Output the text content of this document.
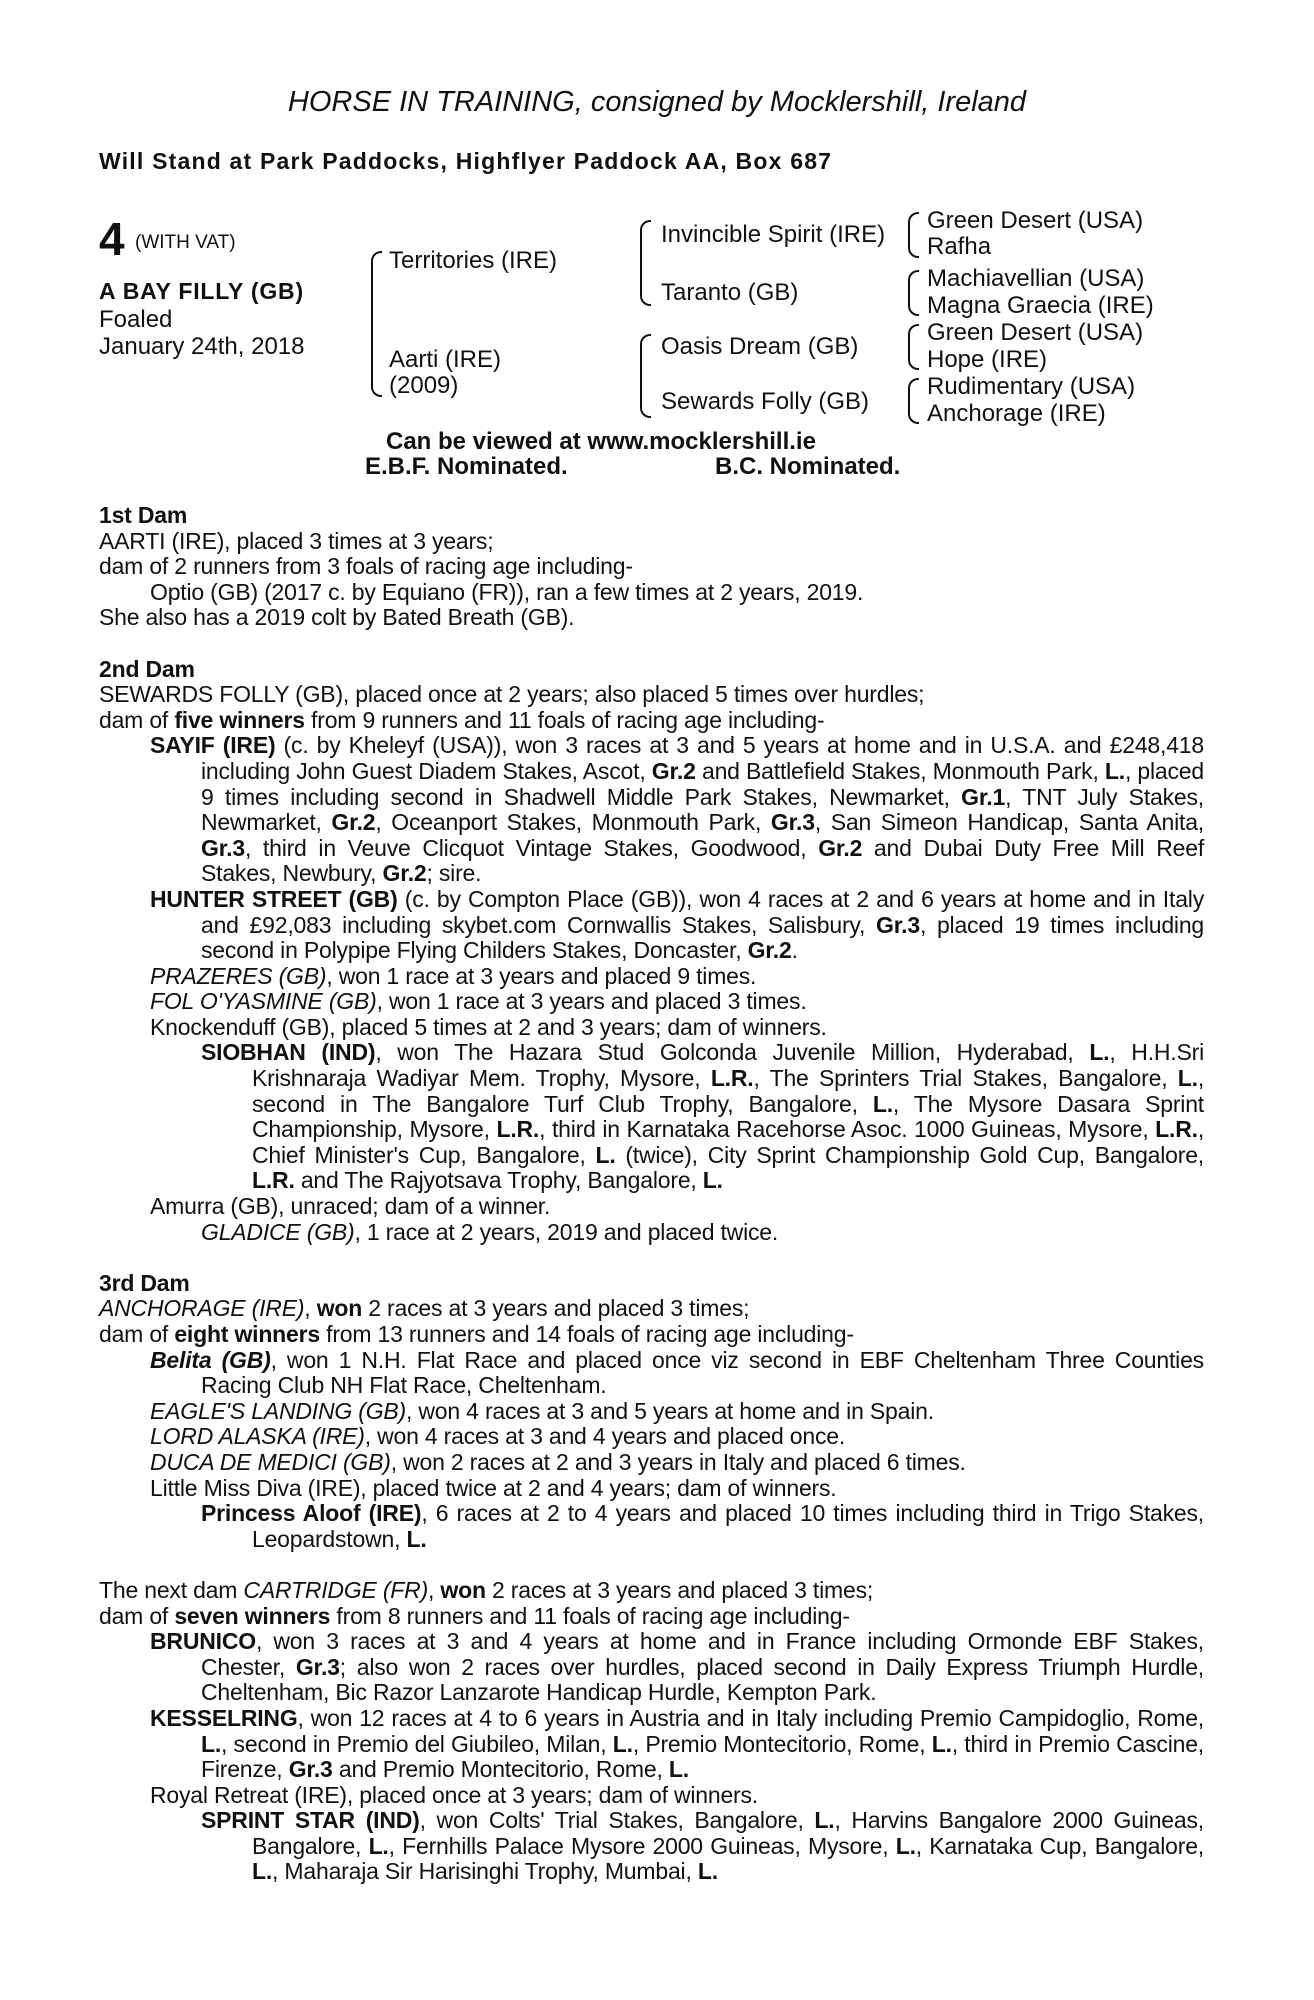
HORSE IN TRAINING, consigned by Mocklershill, Ireland
Will Stand at Park Paddocks, Highflyer Paddock AA, Box 687
4 (WITH VAT)
A BAY FILLY (GB)
Foaled
January 24th, 2018
Territories (IRE)
Aarti (IRE)
(2009)
Invincible Spirit (IRE)
Taranto (GB)
Oasis Dream (GB)
Sewards Folly (GB)
Green Desert (USA)
Rafha
Machiavellian (USA)
Magna Graecia (IRE)
Green Desert (USA)
Hope (IRE)
Rudimentary (USA)
Anchorage (IRE)
Can be viewed at www.mocklershill.ie
E.B.F. Nominated.	B.C. Nominated.
1st Dam
AARTI (IRE), placed 3 times at 3 years;
dam of 2 runners from 3 foals of racing age including-
Optio (GB) (2017 c. by Equiano (FR)), ran a few times at 2 years, 2019.
She also has a 2019 colt by Bated Breath (GB).
2nd Dam
SEWARDS FOLLY (GB), placed once at 2 years; also placed 5 times over hurdles;
dam of five winners from 9 runners and 11 foals of racing age including-
SAYIF (IRE) (c. by Kheleyf (USA)), won 3 races at 3 and 5 years at home and in U.S.A. and £248,418 including John Guest Diadem Stakes, Ascot, Gr.2 and Battlefield Stakes, Monmouth Park, L., placed 9 times including second in Shadwell Middle Park Stakes, Newmarket, Gr.1, TNT July Stakes, Newmarket, Gr.2, Oceanport Stakes, Monmouth Park, Gr.3, San Simeon Handicap, Santa Anita, Gr.3, third in Veuve Clicquot Vintage Stakes, Goodwood, Gr.2 and Dubai Duty Free Mill Reef Stakes, Newbury, Gr.2; sire.
HUNTER STREET (GB) (c. by Compton Place (GB)), won 4 races at 2 and 6 years at home and in Italy and £92,083 including skybet.com Cornwallis Stakes, Salisbury, Gr.3, placed 19 times including second in Polypipe Flying Childers Stakes, Doncaster, Gr.2.
PRAZERES (GB), won 1 race at 3 years and placed 9 times.
FOL O'YASMINE (GB), won 1 race at 3 years and placed 3 times.
Knockenduff (GB), placed 5 times at 2 and 3 years; dam of winners.
SIOBHAN (IND), won The Hazara Stud Golconda Juvenile Million, Hyderabad, L., H.H.Sri Krishnaraja Wadiyar Mem. Trophy, Mysore, L.R., The Sprinters Trial Stakes, Bangalore, L., second in The Bangalore Turf Club Trophy, Bangalore, L., The Mysore Dasara Sprint Championship, Mysore, L.R., third in Karnataka Racehorse Asoc. 1000 Guineas, Mysore, L.R., Chief Minister's Cup, Bangalore, L. (twice), City Sprint Championship Gold Cup, Bangalore, L.R. and The Rajyotsava Trophy, Bangalore, L.
Amurra (GB), unraced; dam of a winner.
GLADICE (GB), 1 race at 2 years, 2019 and placed twice.
3rd Dam
ANCHORAGE (IRE), won 2 races at 3 years and placed 3 times;
dam of eight winners from 13 runners and 14 foals of racing age including-
Belita (GB), won 1 N.H. Flat Race and placed once viz second in EBF Cheltenham Three Counties Racing Club NH Flat Race, Cheltenham.
EAGLE'S LANDING (GB), won 4 races at 3 and 5 years at home and in Spain.
LORD ALASKA (IRE), won 4 races at 3 and 4 years and placed once.
DUCA DE MEDICI (GB), won 2 races at 2 and 3 years in Italy and placed 6 times.
Little Miss Diva (IRE), placed twice at 2 and 4 years; dam of winners.
Princess Aloof (IRE), 6 races at 2 to 4 years and placed 10 times including third in Trigo Stakes, Leopardstown, L.
The next dam CARTRIDGE (FR), won 2 races at 3 years and placed 3 times;
dam of seven winners from 8 runners and 11 foals of racing age including-
BRUNICO, won 3 races at 3 and 4 years at home and in France including Ormonde EBF Stakes, Chester, Gr.3; also won 2 races over hurdles, placed second in Daily Express Triumph Hurdle, Cheltenham, Bic Razor Lanzarote Handicap Hurdle, Kempton Park.
KESSELRING, won 12 races at 4 to 6 years in Austria and in Italy including Premio Campidoglio, Rome, L., second in Premio del Giubileo, Milan, L., Premio Montecitorio, Rome, L., third in Premio Cascine, Firenze, Gr.3 and Premio Montecitorio, Rome, L.
Royal Retreat (IRE), placed once at 3 years; dam of winners.
SPRINT STAR (IND), won Colts' Trial Stakes, Bangalore, L., Harvins Bangalore 2000 Guineas, Bangalore, L., Fernhills Palace Mysore 2000 Guineas, Mysore, L., Karnataka Cup, Bangalore, L., Maharaja Sir Harisinghi Trophy, Mumbai, L.
